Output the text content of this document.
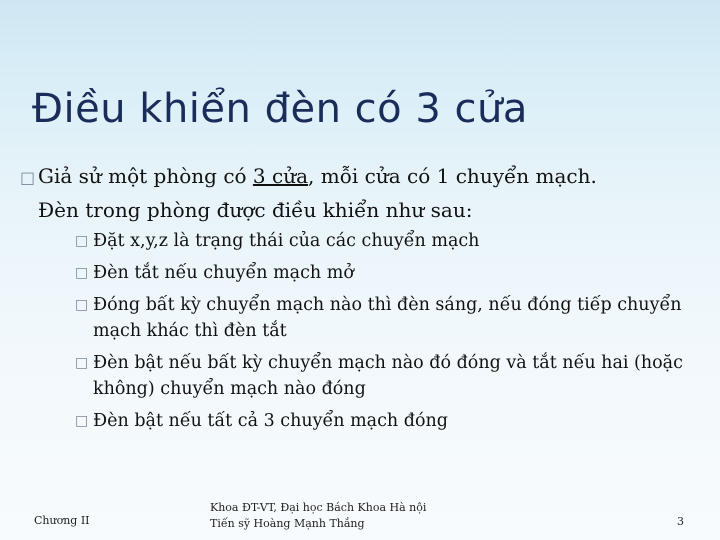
Điều khiển đèn có 3 cửa
□ Giả sử một phòng có 3 cửa, mỗi cửa có 1 chuyển mạch.
Đèn trong phòng được điều khiển như sau:
□ Đặt x,y,z là trạng thái của các chuyển mạch
□ Đèn tắt nếu chuyển mạch mở
□ Đóng bất kỳ chuyển mạch nào thì đèn sáng, nếu đóng tiếp chuyển mạch khác thì đèn tắt
□ Đèn bật nếu bất kỳ chuyển mạch nào đó đóng và tắt nếu hai (hoặc không) chuyển mạch nào đóng
□ Đèn bật nếu tất cả 3 chuyển mạch đóng
Chương II
Khoa ĐT-VT, Đại học Bách Khoa Hà nội
Tiến sỹ Hoàng Mạnh Thắng	3
